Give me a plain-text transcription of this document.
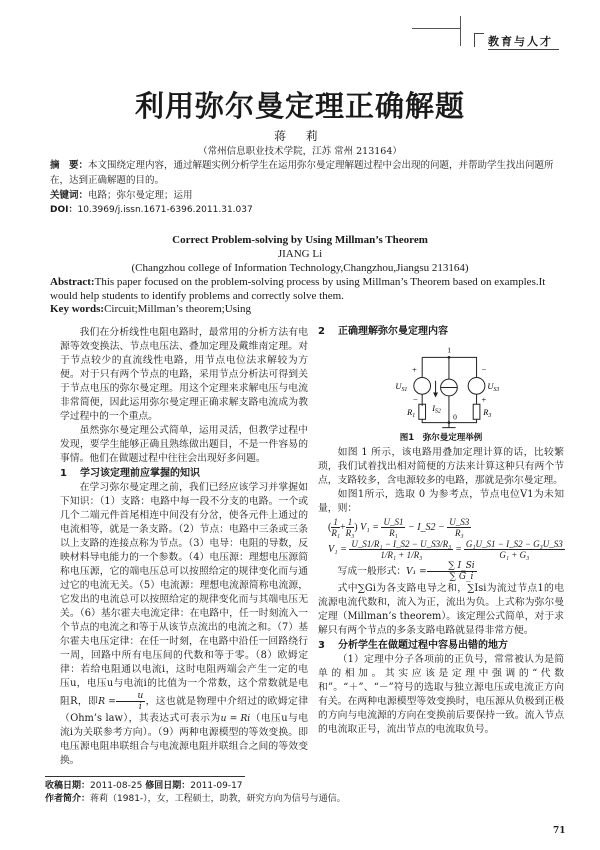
教育与人才
利用弥尔曼定理正确解题
蒋 莉
（常州信息职业技术学院，江苏 常州 213164）
摘　要：本文围绕定理内容，通过解题实例分析学生在运用弥尔曼定理解题过程中会出现的问题，并帮助学生找出问题所在，达到正确解题的目的。
关键词：电路；弥尔曼定理；运用
DOI：10.3969/j.issn.1671-6396.2011.31.037
Correct Problem-solving by Using Millman’s Theorem
JIANG Li
(Changzhou college of Information Technology,Changzhou,Jiangsu 213164)
Abstract:This paper focused on the problem-solving process by using Millman’s Theorem based on examples.It would help students to identify problems and correctly solve them.
Key words:Circuit;Millman’s theorem;Using

我们在分析线性电阻电路时，最常用的分析方法有电源等效变换法、节点电压法、叠加定理及戴维南定理。对于节点较少的直流线性电路，用节点电位法求解较为方便。对于只有两个节点的电路，采用节点分析法可得到关于节点电压的弥尔曼定理。用这个定理来求解电压与电流非常简便，因此运用弥尔曼定理正确求解支路电流成为教学过程中的一个重点。

虽然弥尔曼定理公式简单，运用灵活，但教学过程中发现，要学生能够正确且熟练做出题目，不是一件容易的事情。他们在做题过程中往往会出现好多问题。

1 学习该定理前应掌握的知识

在学习弥尔曼定理之前，我们已经应该学习并掌握如下知识：（1）支路：电路中每一段不分支的电路。一个或几个二端元件首尾相连中间没有分岔，使各元件上通过的电流相等，就是一条支路。（2）节点：电路中三条或三条以上支路的连接点称为节点。（3）电导：电阻的导数，反映材料导电能力的一个参数。（4）电压源：理想电压源简称电压源，它的端电压总可以按照给定的规律变化而与通过它的电流无关。（5）电流源：理想电流源简称电流源，它发出的电流总可以按照给定的规律变化而与其端电压无关。（6）基尔霍夫电流定律：在电路中，任一时刻流入一个节点的电流之和等于从该节点流出的电流之和。（7）基尔霍夫电压定律：在任一时刻，在电路中沿任一回路绕行一周，回路中所有电压间的代数和等于零。（8）欧姆定律：若给电阻通以电流i，这时电阻两端会产生一定的电压u，电压u与电流i的比值为一个常数，这个常数就是电阻R，即$R = \frac{u}{i}$ ，这也就是物理中介绍过的欧姆定律（Ohm’s law），其表达式可表示为u = Ri（电压u与电流i为关联参考方向）。（9）两种电源模型的等效变换。即电压源电阻串联组合与电流源电阻并联组合之间的等效变换。

2 正确理解弥尔曼定理内容
1
0
+
−
−
+
$U_{S1}$	$U_{S3}$
$R_1$	$R_3$
$I_{S2}$
图1　弥尔曼定理举例

如图 1 所示，该电路用叠加定理计算的话，比较繁琐，我们试着找出相对简便的方法来计算这种只有两个节点，支路较多，含电源较多的电路，那就是弥尔曼定理。

如图1所示，选取 0 为参考点，节点电位V1为未知量，则：

( $\frac{1}{\text{R₁}} + \frac{1}{\text{R₃}}$ ) $V_1 = \frac{U\_S1}{\text{R₁}}$ − I_S2 − $\frac{U\_S3}{\text{R₃}}$
$V_1 = \frac{\text{U\_S1/R₁ − I\_S2 − U\_S3/R₃}}{\text{1/R₁ + 1/R₃}} = \frac{\text{G₁U\_S1 − I\_S2 − G₃U\_S3}}{\text{G₁ + G₃}}$
写成一般形式：$V_1 = \frac{\sum I\_Si}{\sum G\_i}$

式中∑Gi为各支路电导之和，∑Isi为流过节点1的电流源电流代数和，流入为正，流出为负。上式称为弥尔曼定理（Millman’s theorem）。该定理公式简单，对于求解只有两个节点的多条支路电路就显得非常方便。

3 分析学生在做题过程中容易出错的地方

（1）定理中分子各项前的正负号，常常被认为是简单的相加。其实应该是定理中强调的“代数和”。“＋”、“－”符号的选取与独立源电压或电流正方向有关。在两种电源模型等效变换时，电压源从负极到正极的方向与电流源的方向在变换前后要保持一致。流入节点的电流取正号，流出节点的电流取负号。

收稿日期：2011-08-25 修回日期：2011-09-17
作者简介：蒋莉（1981-），女，工程硕士，助教，研究方向为信号与通信。
71
